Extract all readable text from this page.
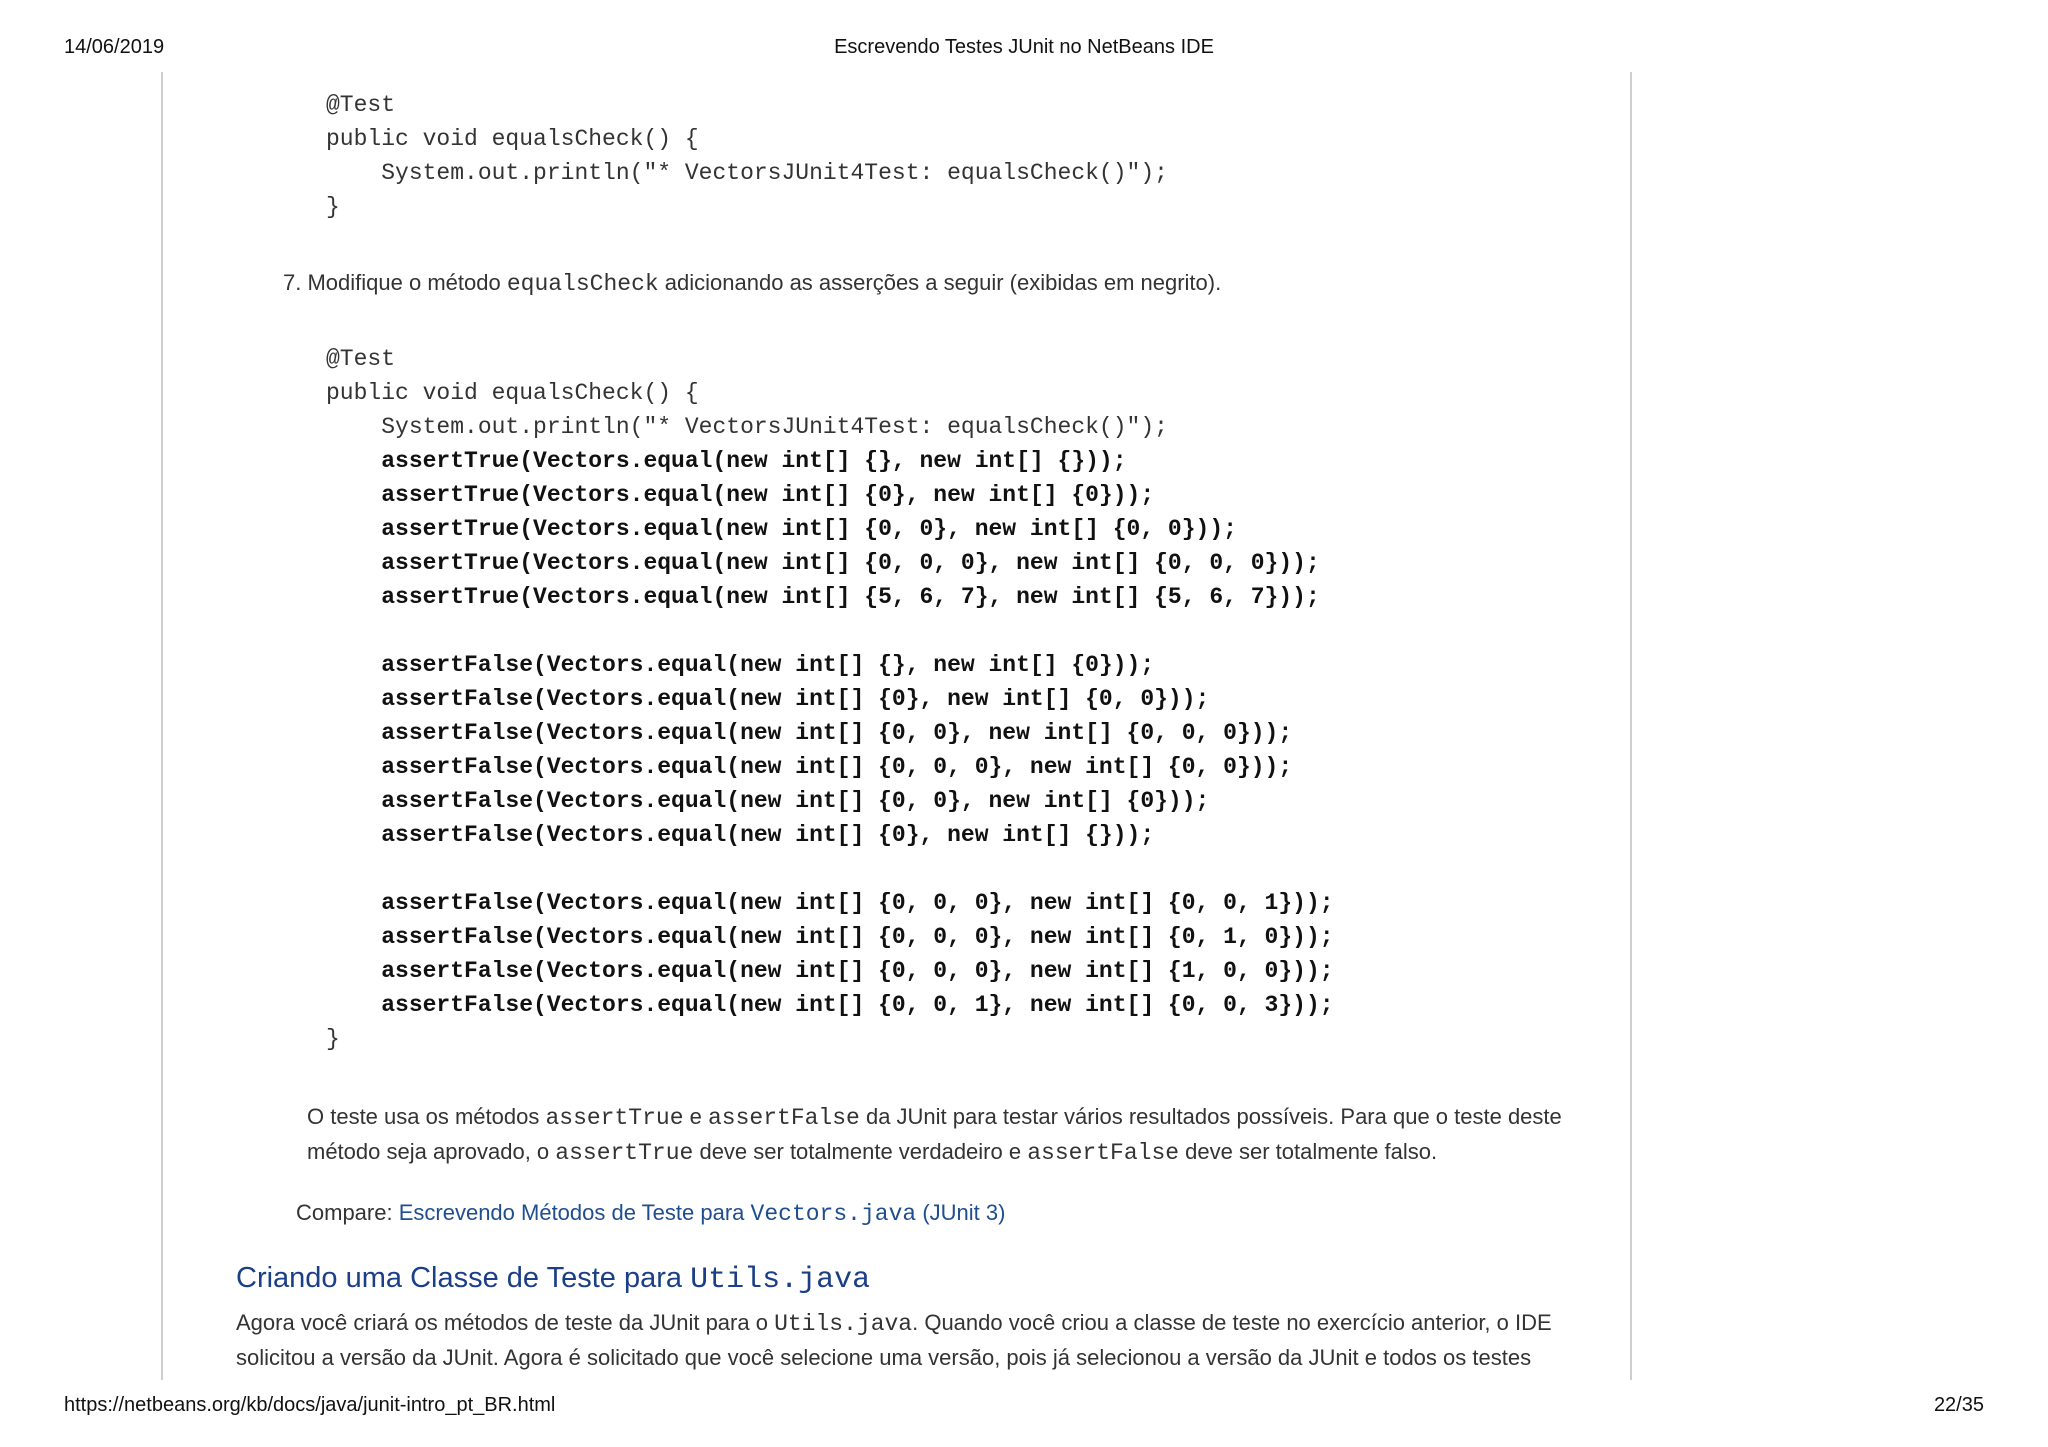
14/06/2019	Escrevendo Testes JUnit no NetBeans IDE
@Test
public void equalsCheck() {
System.out.println("* VectorsJUnit4Test: equalsCheck()");
}
7. Modifique o método equalsCheck adicionando as asserções a seguir (exibidas em negrito).
@Test
public void equalsCheck() {
System.out.println("* VectorsJUnit4Test: equalsCheck()");
assertTrue(Vectors.equal(new int[] {}, new int[] {}));
assertTrue(Vectors.equal(new int[] {0}, new int[] {0}));
assertTrue(Vectors.equal(new int[] {0, 0}, new int[] {0, 0}));
assertTrue(Vectors.equal(new int[] {0, 0, 0}, new int[] {0, 0, 0}));
assertTrue(Vectors.equal(new int[] {5, 6, 7}, new int[] {5, 6, 7}));
assertFalse(Vectors.equal(new int[] {}, new int[] {0}));
assertFalse(Vectors.equal(new int[] {0}, new int[] {0, 0}));
assertFalse(Vectors.equal(new int[] {0, 0}, new int[] {0, 0, 0}));
assertFalse(Vectors.equal(new int[] {0, 0, 0}, new int[] {0, 0}));
assertFalse(Vectors.equal(new int[] {0, 0}, new int[] {0}));
assertFalse(Vectors.equal(new int[] {0}, new int[] {}));
assertFalse(Vectors.equal(new int[] {0, 0, 0}, new int[] {0, 0, 1}));
assertFalse(Vectors.equal(new int[] {0, 0, 0}, new int[] {0, 1, 0}));
assertFalse(Vectors.equal(new int[] {0, 0, 0}, new int[] {1, 0, 0}));
assertFalse(Vectors.equal(new int[] {0, 0, 1}, new int[] {0, 0, 3}));
}
O teste usa os métodos assertTrue e assertFalse da JUnit para testar vários resultados possíveis. Para que o teste deste
método seja aprovado, o assertTrue deve ser totalmente verdadeiro e assertFalse deve ser totalmente falso.
Compare: Escrevendo Métodos de Teste para Vectors.java (JUnit 3)
Criando uma Classe de Teste para Utils.java
Agora você criará os métodos de teste da JUnit para o Utils.java. Quando você criou a classe de teste no exercício anterior, o IDE
solicitou a versão da JUnit. Agora é solicitado que você selecione uma versão, pois já selecionou a versão da JUnit e todos os testes
https://netbeans.org/kb/docs/java/junit-intro_pt_BR.html	22/35
